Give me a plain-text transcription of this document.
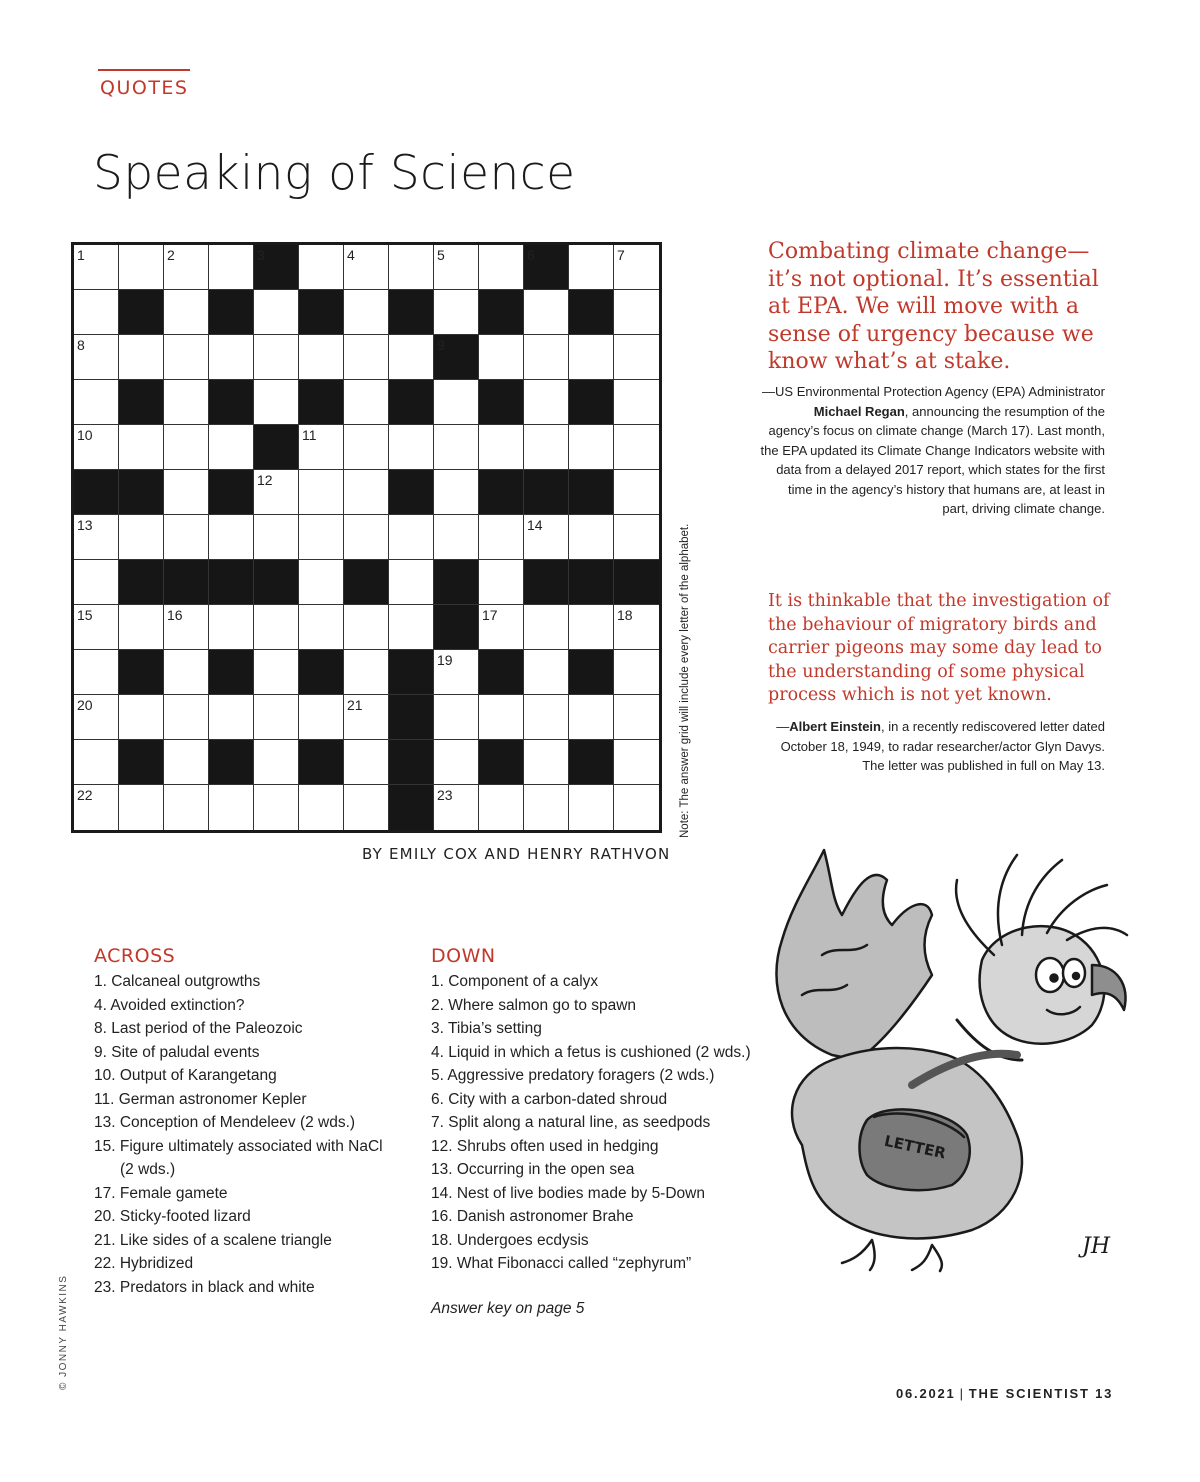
QUOTES
Speaking of Science
1	2	3	4	5	6	7
8	9
10	11
12
13	14
15	16	17	18
19
20	21
22	23	Note: The answer grid will include every letter of the alphabet.
BY EMILY COX AND HENRY RATHVON
Combating climate change—it’s not optional. It’s essential at EPA. We will move with a sense of urgency because we know what’s at stake.
—US Environmental Protection Agency (EPA) Administrator Michael Regan, announcing the resumption of the agency’s focus on climate change (March 17). Last month, the EPA updated its Climate Change Indicators website with data from a delayed 2017 report, which states for the first time in the agency’s history that humans are, at least in part, driving climate change.
It is thinkable that the investigation of the behaviour of migratory birds and carrier pigeons may some day lead to the understanding of some physical process which is not yet known.
—Albert Einstein, in a recently rediscovered letter dated October 18, 1949, to radar researcher/actor Glyn Davys. The letter was published in full on May 13.
LETTER
JH
ACROSS
1. Calcaneal outgrowths
4. Avoided extinction?
8. Last period of the Paleozoic
9. Site of paludal events
10. Output of Karangetang
11. German astronomer Kepler
13. Conception of Mendeleev (2 wds.)
15. Figure ultimately associated with NaCl
(2 wds.)
17. Female gamete
20. Sticky-footed lizard
21. Like sides of a scalene triangle
22. Hybridized
23. Predators in black and white
DOWN
1. Component of a calyx
2. Where salmon go to spawn
3. Tibia’s setting
4. Liquid in which a fetus is cushioned (2 wds.)
5. Aggressive predatory foragers (2 wds.)
6. City with a carbon-dated shroud
7. Split along a natural line, as seedpods
12. Shrubs often used in hedging
13. Occurring in the open sea
14. Nest of live bodies made by 5-Down
16. Danish astronomer Brahe
18. Undergoes ecdysis
19. What Fibonacci called “zephyrum”
Answer key on page 5
© JONNY HAWKINS
06.2021 | THE SCIENTIST 13
